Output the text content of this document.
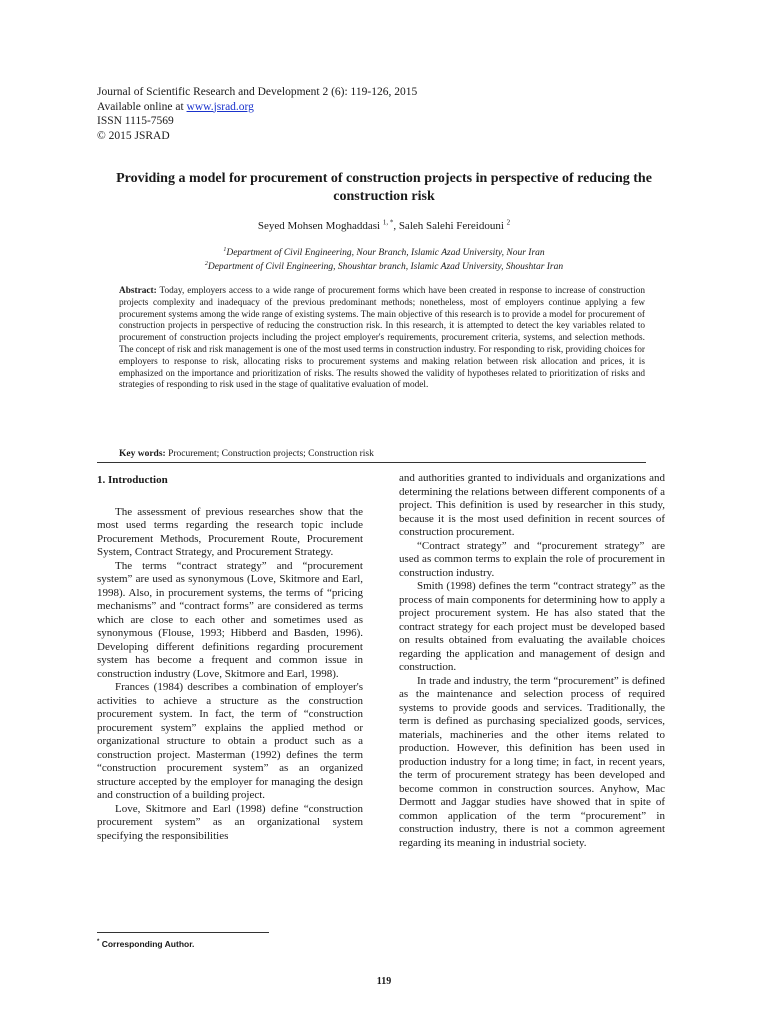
Journal of Scientific Research and Development 2 (6): 119-126, 2015
Available online at www.jsrad.org
ISSN 1115-7569
© 2015 JSRAD
Providing a model for procurement of construction projects in perspective of reducing the construction risk
Seyed Mohsen Moghaddasi $^{1, *}$, Saleh Salehi Fereidouni $^2$
$^1$Department of Civil Engineering, Nour Branch, Islamic Azad University, Nour Iran
$^2$Department of Civil Engineering, Shoushtar branch, Islamic Azad University, Shoushtar Iran
Abstract: Today, employers access to a wide range of procurement forms which have been created in response to increase of construction projects complexity and inadequacy of the previous predominant methods; nonetheless, most of employers continue applying a few procurement systems among the wide range of existing systems. The main objective of this research is to provide a model for procurement of construction projects in perspective of reducing the construction risk. In this research, it is attempted to detect the key variables related to procurement of construction projects including the project employer's requirements, procurement criteria, systems, and selection methods. The concept of risk and risk management is one of the most used terms in construction industry. For responding to risk, providing choices for employers to response to risk, allocating risks to procurement systems and making relation between risk allocation and prices, it is emphasized on the importance and prioritization of risks. The results showed the validity of hypotheses related to prioritization of risks and strategies of responding to risk used in the stage of qualitative evaluation of model.
Key words: Procurement; Construction projects; Construction risk
1. Introduction

The assessment of previous researches show that the most used terms regarding the research topic include Procurement Methods, Procurement Route, Procurement System, Contract Strategy, and Procurement Strategy.

The terms “contract strategy” and “procurement system” are used as synonymous (Love, Skitmore and Earl, 1998). Also, in procurement systems, the terms of “pricing mechanisms” and “contract forms” are considered as terms which are close to each other and sometimes used as synonymous (Flouse, 1993; Hibberd and Basden, 1996). Developing different definitions regarding procurement system has become a frequent and common issue in construction industry (Love, Skitmore and Earl, 1998).

Frances (1984) describes a combination of employer's activities to achieve a structure as the construction procurement system. In fact, the term of “construction procurement system” explains the applied method or organizational structure to obtain a product such as a construction project. Masterman (1992) defines the term “construction procurement system” as an organized structure accepted by the employer for managing the design and construction of a building project.

Love, Skitmore and Earl (1998) define “construction procurement system” as an organizational system specifying the responsibilities

and authorities granted to individuals and organizations and determining the relations between different components of a project. This definition is used by researcher in this study, because it is the most used definition in recent sources of construction procurement.

“Contract strategy” and “procurement strategy” are used as common terms to explain the role of procurement in construction industry.

Smith (1998) defines the term “contract strategy” as the process of main components for determining how to apply a project procurement system. He has also stated that the contract strategy for each project must be developed based on results obtained from evaluating the available choices regarding the application and management of design and construction.

In trade and industry, the term “procurement” is defined as the maintenance and selection process of required systems to provide goods and services. Traditionally, the term is defined as purchasing specialized goods, services, materials, machineries and the other items related to production. However, this definition has been used in production industry for a long time; in fact, in recent years, the term of procurement strategy has been developed and become common in construction sources. Anyhow, Mac Dermott and Jaggar studies have showed that in spite of common application of the term “procurement” in construction industry, there is not a common agreement regarding its meaning in industrial society.

* Corresponding Author.
119
